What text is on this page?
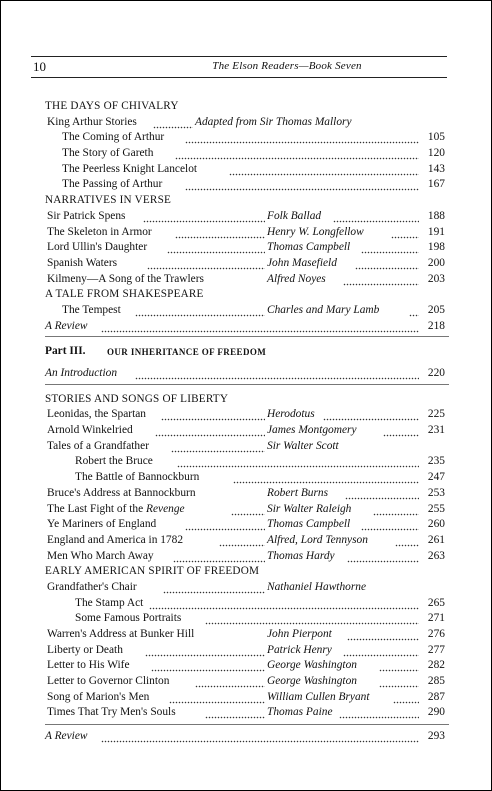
10	The Elson Readers—Book Seven
THE DAYS OF CHIVALRY
King Arthur Stories	Adapted from Sir Thomas Mallory
The Coming of Arthur	105
The Story of Gareth	120
The Peerless Knight Lancelot	143
The Passing of Arthur	167
NARRATIVES IN VERSE
Sir Patrick Spens	Folk Ballad	188
The Skeleton in Armor	Henry W. Longfellow	191
Lord Ullin's Daughter	Thomas Campbell	198
Spanish Waters	John Masefield	200
Kilmeny—A Song of the Trawlers	Alfred Noyes	203
A TALE FROM SHAKESPEARE
The Tempest	Charles and Mary Lamb	205
A Review	218
Part III. OUR INHERITANCE OF FREEDOM
An Introduction	220
STORIES AND SONGS OF LIBERTY
Leonidas, the Spartan	Herodotus	225
Arnold Winkelried	James Montgomery	231
Tales of a Grandfather	Sir Walter Scott
Robert the Bruce	235
The Battle of Bannockburn	247
Bruce's Address at Bannockburn	Robert Burns	253
The Last Fight of the Revenge	Sir Walter Raleigh	255
Ye Mariners of England	Thomas Campbell	260
England and America in 1782	Alfred, Lord Tennyson	261
Men Who March Away	Thomas Hardy	263
EARLY AMERICAN SPIRIT OF FREEDOM
Grandfather's Chair	Nathaniel Hawthorne
The Stamp Act	265
Some Famous Portraits	271
Warren's Address at Bunker Hill	John Pierpont	276
Liberty or Death	Patrick Henry	277
Letter to His Wife	George Washington	282
Letter to Governor Clinton	George Washington	285
Song of Marion's Men	William Cullen Bryant	287
Times That Try Men's Souls	Thomas Paine	290
A Review	293
